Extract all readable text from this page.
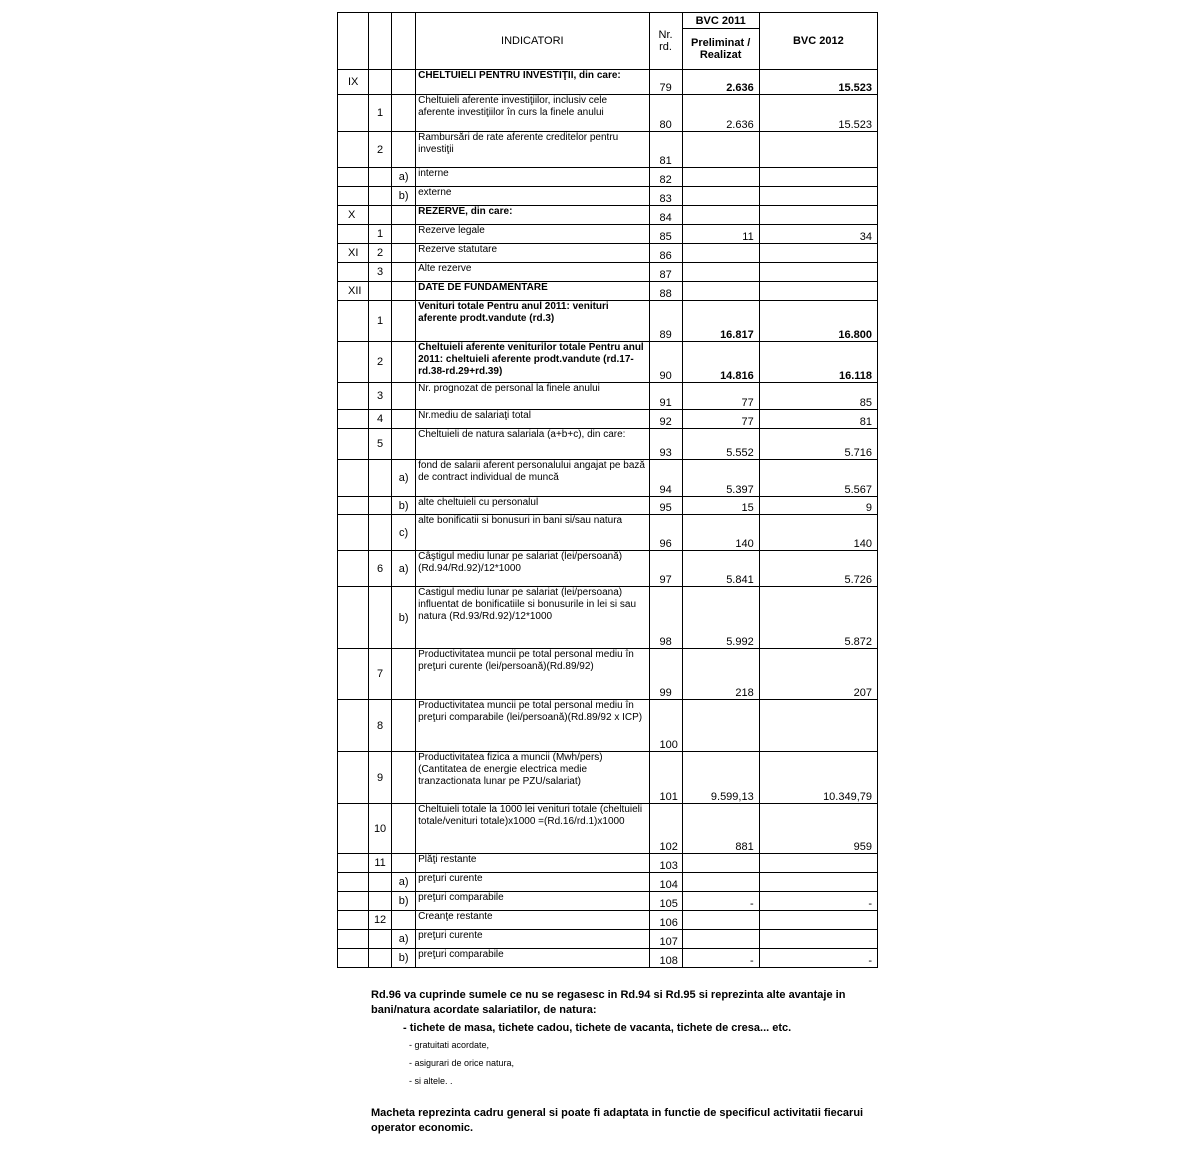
			INDICATORI	Nr. rd.	BVC 2011	BVC 2012
					Preliminat / Realizat	
IX			CHELTUIELI PENTRU INVESTIŢII, din care:	79	2.636	15.523
	1		Cheltuieli aferente investiţiilor, inclusiv cele aferente investiţiilor în curs la finele anului	80	2.636	15.523
	2		Rambursări de rate aferente creditelor pentru investiţii	81		
		a)	interne	82		
		b)	externe	83		
X			REZERVE, din care:	84		
	1		Rezerve legale	85	11	34
XI	2		Rezerve statutare	86		
	3		Alte rezerve	87		
XII			DATE DE FUNDAMENTARE	88		
	1		Venituri totale Pentru anul 2011: venituri aferente prodt.vandute (rd.3)	89	16.817	16.800
	2		Cheltuieli aferente veniturilor totale Pentru anul 2011: cheltuieli aferente prodt.vandute (rd.17-rd.38-rd.29+rd.39)	90	14.816	16.118
	3		Nr. prognozat de personal la finele anului	91	77	85
	4		Nr.mediu de salariaţi total	92	77	81
	5		Cheltuieli de natura salariala (a+b+c), din care:	93	5.552	5.716
		a)	fond de salarii aferent personalului angajat pe bază de contract individual de muncă	94	5.397	5.567
		b)	alte cheltuieli cu personalul	95	15	9
		c)	alte bonificatii si bonusuri in bani si/sau natura	96	140	140
	6	a)	Câştigul mediu lunar pe salariat (lei/persoană) (Rd.94/Rd.92)/12*1000	97	5.841	5.726
		b)	Castigul mediu lunar pe salariat (lei/persoana) influentat de bonificatiile si bonusurile in lei si sau natura (Rd.93/Rd.92)/12*1000	98	5.992	5.872
	7		Productivitatea muncii pe total personal mediu în preţuri curente (lei/persoană)(Rd.89/92)	99	218	207
	8		Productivitatea muncii pe total personal mediu în preţuri comparabile (lei/persoană)(Rd.89/92 x ICP)	100		
	9		Productivitatea fizica a muncii (Mwh/pers) (Cantitatea de energie electrica medie tranzactionata lunar pe PZU/salariat)	101	9.599,13	10.349,79
	10		Cheltuieli totale la 1000 lei venituri totale (cheltuieli totale/venituri totale)x1000 =(Rd.16/rd.1)x1000	102	881	959
	11		Plăţi restante	103		
		a)	preţuri curente	104		
		b)	preţuri comparabile	105	-	-
	12		Creanţe restante	106		
		a)	preţuri curente	107		
		b)	preţuri comparabile	108	-	-
Rd.96 va cuprinde sumele ce nu se regasesc in Rd.94 si Rd.95 si reprezinta alte avantaje in bani/natura acordate salariatilor, de natura:
- tichete de masa, tichete cadou, tichete de vacanta, tichete de cresa... etc.
- gratuitati acordate,
- asigurari de orice natura,
- si altele. .
Macheta reprezinta cadru general si poate fi adaptata in functie de specificul activitatii fiecarui operator economic.
